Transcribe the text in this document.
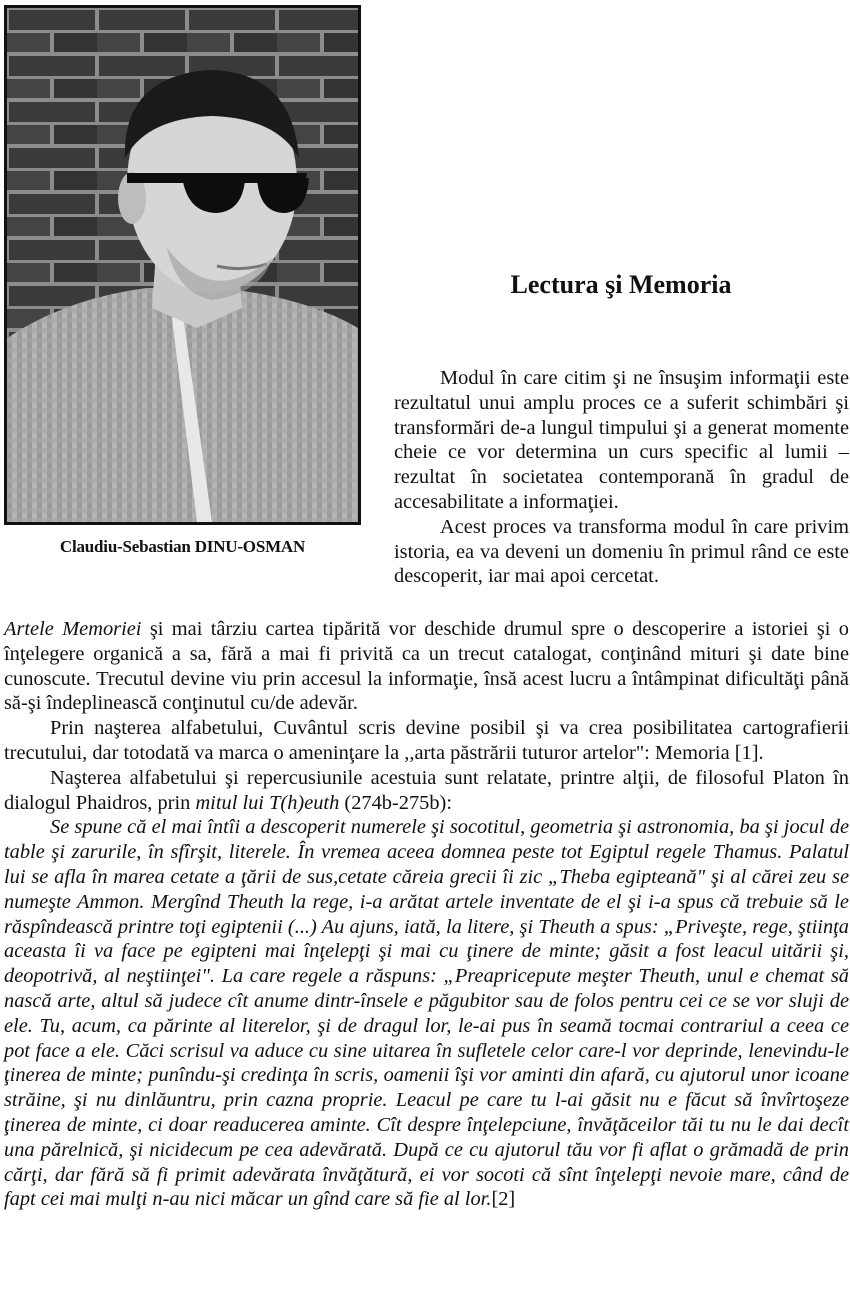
Claudiu-Sebastian DINU-OSMAN
Lectura şi Memoria

Modul în care citim şi ne însuşim informaţii este rezultatul unui amplu proces ce a suferit schimbări şi transformări de-a lungul timpului şi a generat momente cheie ce vor determina un curs specific al lumii – rezultat în societatea contemporană în gradul de accesabilitate a informaţiei.

Acest proces va transforma modul în care privim istoria, ea va deveni un domeniu în primul rând ce este descoperit, iar mai apoi cercetat.

Artele Memoriei şi mai târziu cartea tipărită vor deschide drumul spre o descoperire a istoriei şi o înţelegere organică a sa, fără a mai fi privită ca un trecut catalogat, conţinând mituri şi date bine cunoscute. Trecutul devine viu prin accesul la informaţie, însă acest lucru a întâmpinat dificultăţi până să-şi îndeplinească conţinutul cu/de adevăr.

Prin naşterea alfabetului, Cuvântul scris devine posibil şi va crea posibilitatea cartografierii trecutului, dar totodată va marca o ameninţare la ,,arta păstrării tuturor artelor": Memoria [1].

Naşterea alfabetului şi repercusiunile acestuia sunt relatate, printre alţii, de filosoful Platon în dialogul Phaidros, prin mitul lui T(h)euth (274b-275b):

Se spune că el mai întîi a descoperit numerele şi socotitul, geometria şi astronomia, ba şi jocul de table şi zarurile, în sfîrşit, literele. În vremea aceea domnea peste tot Egiptul regele Thamus. Palatul lui se afla în marea cetate a ţării de sus,cetate căreia grecii îi zic „Theba egipteană" şi al cărei zeu se numeşte Ammon. Mergînd Theuth la rege, i-a arătat artele inventate de el şi i-a spus că trebuie să le răspîndească printre toţi egiptenii (...) Au ajuns, iată, la litere, şi Theuth a spus: „Priveşte, rege, ştiinţa aceasta îi va face pe egipteni mai înţelepţi şi mai cu ţinere de minte; găsit a fost leacul uitării şi, deopotrivă, al neştiinţei". La care regele a răspuns: „Preapricepute meşter Theuth, unul e chemat să nască arte, altul să judece cît anume dintr-însele e păgubitor sau de folos pentru cei ce se vor sluji de ele. Tu, acum, ca părinte al literelor, şi de dragul lor, le-ai pus în seamă tocmai contrariul a ceea ce pot face a ele. Căci scrisul va aduce cu sine uitarea în sufletele celor care-l vor deprinde, lenevindu-le ţinerea de minte; punîndu-şi credinţa în scris, oamenii îşi vor aminti din afară, cu ajutorul unor icoane străine, şi nu dinlăuntru, prin cazna proprie. Leacul pe care tu l-ai găsit nu e făcut să învîrtoşeze ţinerea de minte, ci doar readucerea aminte. Cît despre înţelepciune, învăţăceilor tăi tu nu le dai decît una părelnică, şi nicidecum pe cea adevărată. După ce cu ajutorul tău vor fi aflat o grămadă de prin cărţi, dar fără să fi primit adevărata învăţătură, ei vor socoti că sînt înţelepţi nevoie mare, când de fapt cei mai mulţi n-au nici măcar un gînd care să fie al lor.[2]
